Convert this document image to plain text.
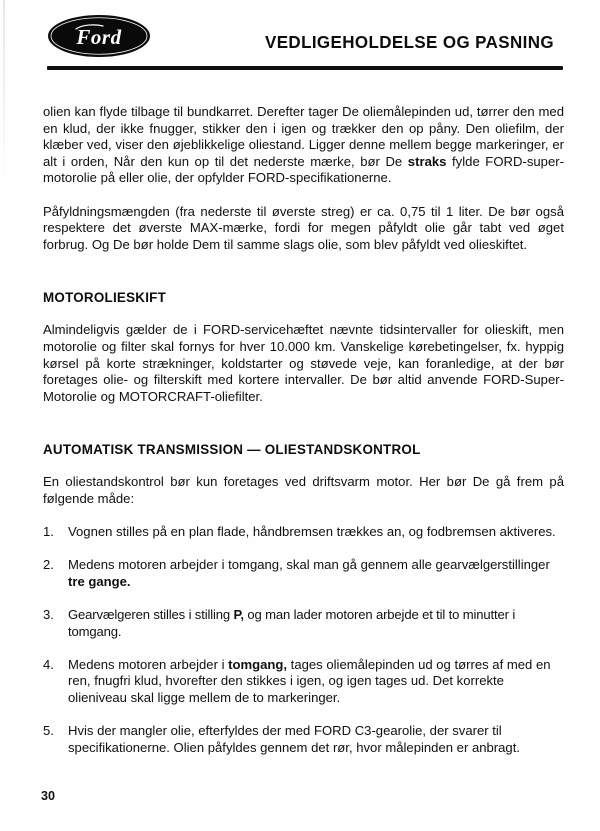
Ford	VEDLIGEHOLDELSE OG PASNING

olien kan flyde tilbage til bundkarret. Derefter tager De oliemålepinden ud, tørrer den med en klud, der ikke fnugger, stikker den i igen og trækker den op påny. Den oliefilm, der klæber ved, viser den øjeblikkelige oliestand. Ligger denne mellem begge markeringer, er alt i orden, Når den kun op til det nederste mærke, bør De straks fylde FORD-super-motorolie på eller olie, der opfylder FORD-specifikationerne.

Påfyldningsmængden (fra nederste til øverste streg) er ca. 0,75 til 1 liter. De bør også respektere det øverste MAX-mærke, fordi for megen påfyldt olie går tabt ved øget forbrug. Og De bør holde Dem til samme slags olie, som blev påfyldt ved olieskiftet.

MOTOROLIESKIFT

Almindeligvis gælder de i FORD-servicehæftet nævnte tidsintervaller for olieskift, men motorolie og filter skal fornys for hver 10.000 km. Vanskelige kørebetingelser, fx. hyppig kørsel på korte strækninger, koldstarter og støvede veje, kan foranledige, at der bør foretages olie- og filterskift med kortere intervaller. De bør altid anvende FORD-Super-Motorolie og MOTORCRAFT-oliefilter.

AUTOMATISK TRANSMISSION — OLIESTANDSKONTROL

En oliestandskontrol bør kun foretages ved driftsvarm motor. Her bør De gå frem på følgende måde:

1.	Vognen stilles på en plan flade, håndbremsen trækkes an, og fodbremsen aktiveres.
2.	Medens motoren arbejder i tomgang, skal man gå gennem alle gearvælgerstillinger tre gange.
3.	Gearvælgeren stilles i stilling P, og man lader motoren arbejde et til to minutter i tomgang.
4.	Medens motoren arbejder i tomgang, tages oliemålepinden ud og tørres af med en ren, fnugfri klud, hvorefter den stikkes i igen, og igen tages ud. Det korrekte olieniveau skal ligge mellem de to markeringer.
5.	Hvis der mangler olie, efterfyldes der med FORD C3-gearolie, der svarer til specifikationerne. Olien påfyldes gennem det rør, hvor målepinden er anbragt.
30
